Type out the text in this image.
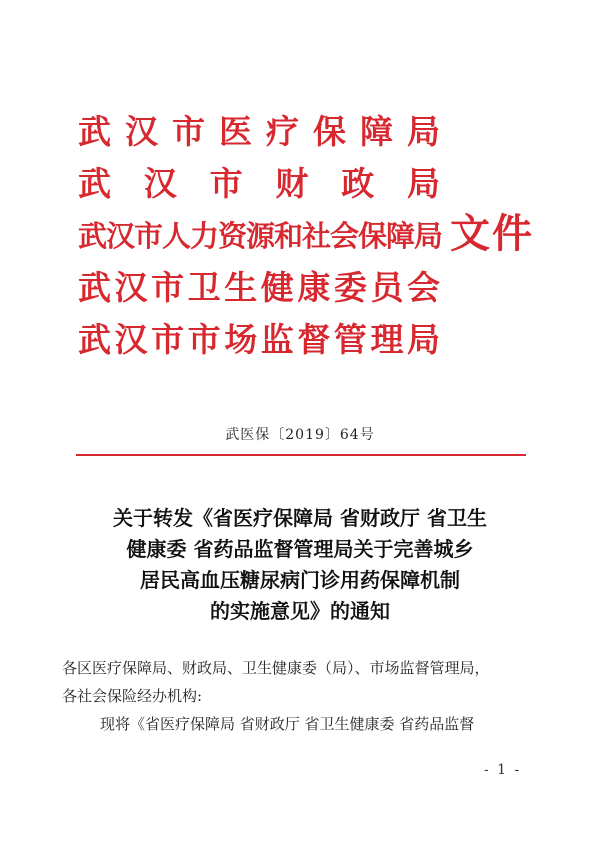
武汉市医疗保障局
武汉市财政局
武汉市人力资源和社会保障局
武汉市卫生健康委员会
武汉市市场监督管理局
文件
武医保〔2019〕64号
关于转发《省医疗保障局 省财政厅 省卫生
健康委 省药品监督管理局关于完善城乡
居民高血压糖尿病门诊用药保障机制
的实施意见》的通知
各区医疗保障局、财政局、卫生健康委（局）、市场监督管理局，
各社会保险经办机构:
现将《省医疗保障局 省财政厅 省卫生健康委 省药品监督
- 1 -
